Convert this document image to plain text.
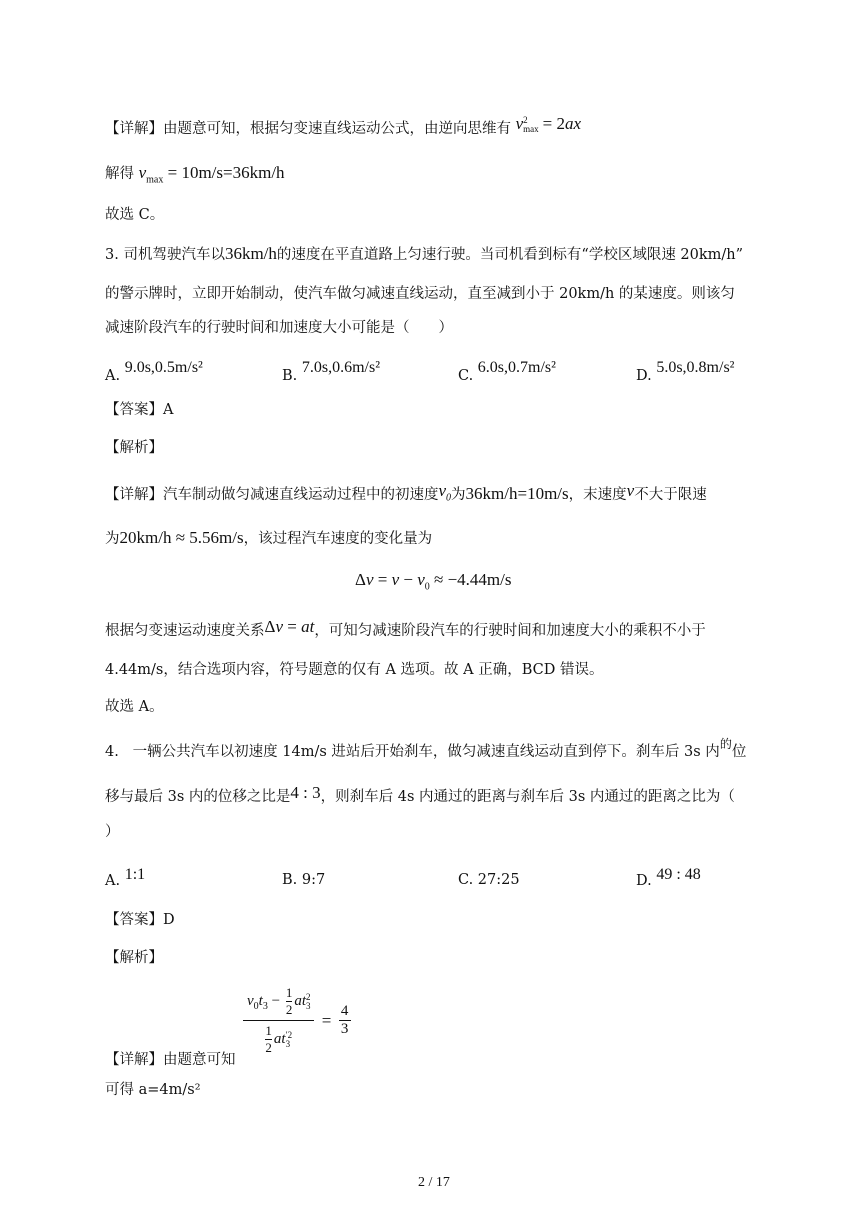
【详解】由题意可知，根据匀变速直线运动公式，由逆向思维有 v 2
max = 2ax
解得 $v_{max} = 10m/s=36km/h$
故选 C。
3. 司机驾驶汽车以36km/h的速度在平直道路上匀速行驶。当司机看到标有“学校区域限速 20km/h”
的警示牌时，立即开始制动，使汽车做匀减速直线运动，直至减到小于 20km/h 的某速度。则该匀
减速阶段汽车的行驶时间和加速度大小可能是（　　）
A. 9.0s,0.5m/s²	B. 7.0s,0.6m/s²	C. 6.0s,0.7m/s²	D. 5.0s,0.8m/s²
【答案】A
【解析】
【详解】汽车制动做匀减速直线运动过程中的初速度$v_0$为36km/h=10m/s，末速度v不大于限速
为20km/h ≈ 5.56m/s，该过程汽车速度的变化量为
$\Delta v = v - v_0 \approx -4.44m/s$
根据匀变速运动速度关系Δv = at，可知匀减速阶段汽车的行驶时间和加速度大小的乘积不小于
4.44m/s，结合选项内容，符号题意的仅有 A 选项。故 A 正确，BCD 错误。
故选 A。
4. 一辆公共汽车以初速度 14m/s 进站后开始刹车，做匀减速直线运动直到停下。刹车后 3s 内$^的$位
移与最后 3s 内的位移之比是4 : 3，则刹车后 4s 内通过的距离与刹车后 3s 内通过的距离之比为（
）
A. 1:1	B. 9:7	C. 27:25	D. 49 : 48
【答案】D
【解析】
$v_0t_3 - \frac{1}{2}$ at 2
3
$\frac{1}{2}$ at ′2
$3 = \frac{4}{3}$
【详解】由题意可知
可得 a=4m/s²
2 / 17
